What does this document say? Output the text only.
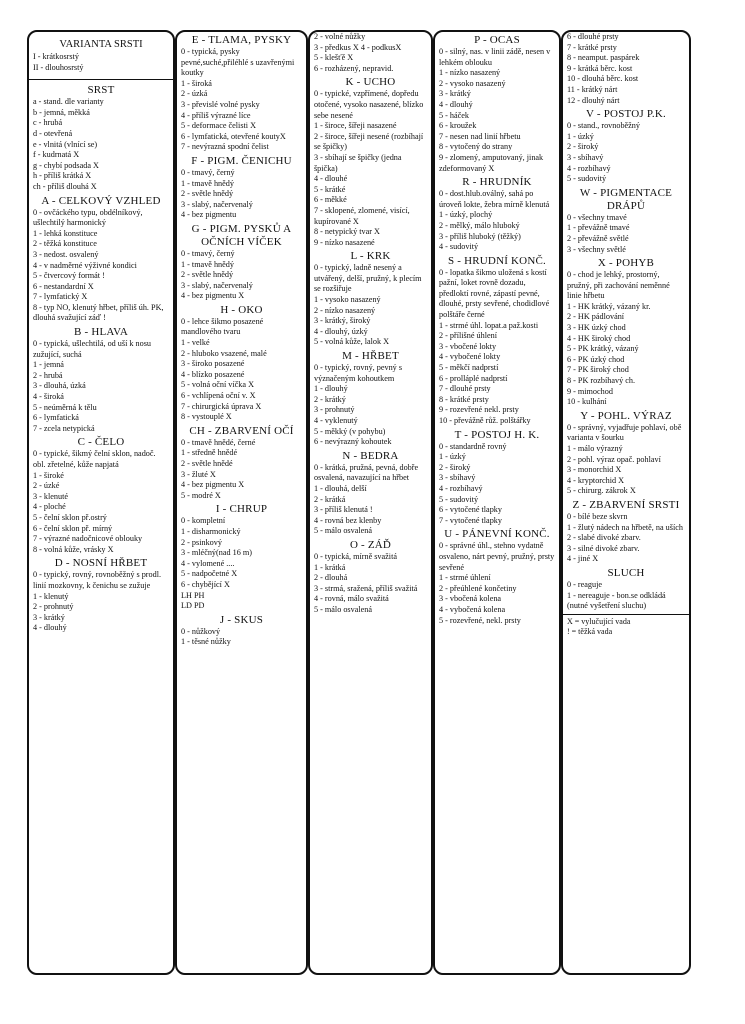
VARIANTA SRSTI
I - krátkosrstý
II - dlouhosrstý
SRST
a - stand. dle varianty
b - jemná, měkká
c - hrubá
d - otevřená
e - vlnitá (vlnící se)
f - kudrnatá X
g - chybí podsada X
h - příliš krátká X
ch - příliš dlouhá X
A - CELKOVÝ VZHLED
0 - ovčáckého typu, obdélníkový, ušlechtilý harmonický
1 - lehká konstituce
2 - těžká konstituce
3 - nedost. osvalený
4 - v nadměrné výživné kondici
5 - čtvercový formát !
6 - nestandardní X
7 - lymfatický X
8 - typ NO, klenutý hřbet, příliš úh. PK, dlouhá svažující záď !
B - HLAVA
0 - typická, ušlechtilá, od uší k nosu zužující, suchá
1 - jemná
2 - hrubá
3 - dlouhá, úzká
4 - široká
5 - neúměrná k tělu
6 - lymfatická
7 - zcela netypická
C - ČELO
0 - typické, šikmý čelní sklon, nadoč. obl. zřetelné, kůže napjatá
1 - široké
2 - úzké
3 - klenuté
4 - ploché
5 - čelní sklon př.ostrý
6 - čelní sklon př. mírný
7 - výrazné nadočnicové oblouky
8 - volná kůže, vrásky X
D - NOSNÍ HŘBET
0 - typický, rovný, rovnoběžný s prodl. linií mozkovny, k čenichu se zužuje
1 - klenutý
2 - prohnutý
3 - krátký
4 - dlouhý
E - TLAMA, PYSKY
0 - typická, pysky pevné,suché,přiléhlé s uzavřenými koutky
1 - široká
2 - úzká
3 - převislé volné pysky
4 - příliš výrazné líce
5 - deformace čelisti X
6 - lymfatická, otevřené koutyX
7 - nevýrazná spodní čelist
F - PIGM. ČENICHU
0 - tmavý, černý
1 - tmavě hnědý
2 - světle hnědý
3 - slabý, načervenalý
4 - bez pigmentu
G - PIGM. PYSKŮ A OČNÍCH VÍČEK
0 - tmavý, černý
1 - tmavě hnědý
2 - světle hnědý
3 - slabý, načervenalý
4 - bez pigmentu X
H - OKO
0 - lehce šikmo posazené mandlového tvaru
1 - velké
2 - hluboko vsazené, malé
3 - široko posazené
4 - blízko posazené
5 - volná oční víčka X
6 - vchlípená oční v. X
7 - chirurgická úprava X
8 - vystouplé X
CH - ZBARVENÍ OČÍ
0 - tmavě hnědé, černé
1 - středně hnědé
2 - světle hnědé
3 - žluté X
4 - bez pigmentu X
5 - modré X
I - CHRUP
0 - kompletní
1 - disharmonický
2 - psinkový
3 - mléčný(nad 16 m)
4 - vylomené ....
5 - nadpočetné X
6 - chybějící X
LH PH
LD PD
J - SKUS
0 - nůžkový
1 - těsné nůžky
2 - volné nůžky
3 - předkus X 4 - podkusX
5 - klešťě X
6 - rozházený, nepravid.
K - UCHO
0 - typické, vzpřímené, dopředu otočené, vysoko nasazené, blízko sebe nesené
1 - široce, šířeji nasazené
2 - široce, šířeji nesené (rozbíhají se špičky)
3 - sbíhají se špičky (jedna špička)
4 - dlouhé
5 - krátké
6 - měkké
7 - sklopené, zlomené, visící, kupírované X
8 - netypický tvar X
9 - nízko nasazené
L - KRK
0 - typický, ladně nesený a utvářený, delší, pružný, k plecím se rozšiřuje
1 - vysoko nasazený
2 - nízko nasazený
3 - krátký, široký
4 - dlouhý, úzký
5 - volná kůže, lalok X
M - HŘBET
0 - typický, rovný, pevný s význačeným kohoutkem
1 - dlouhý
2 - krátký
3 - prohnutý
4 - vyklenutý
5 - měkký (v pohybu)
6 - nevýrazný kohoutek
N - BEDRA
0 - krátká, pružná, pevná, dobře osvalená, navazující na hřbet
1 - dlouhá, delší
2 - krátká
3 - příliš klenutá !
4 - rovná bez klenby
5 - málo osvalená
O - ZÁĎ
0 - typická, mírně svažitá
1 - krátká
2 - dlouhá
3 - strmá, sražená, příliš svažitá
4 - rovná, málo svažitá
5 - málo osvalená
P - OCAS
0 - silný, nas. v linii zádě, nesen v lehkém oblouku
1 - nízko nasazený
2 - vysoko nasazený
3 - krátký
4 - dlouhý
5 - háček
6 - kroužek
7 - nesen nad linií hřbetu
8 - vytočený do strany
9 - zlomený, amputovaný, jinak zdeformovaný X
R - HRUDNÍK
0 - dost.hlub.oválný, sahá po úroveň lokte, žebra mírně klenutá
1 - úzký, plochý
2 - mělký, málo hluboký
3 - příliš hluboký (těžký)
4 - sudovitý
S - HRUDNÍ KONČ.
0 - lopatka šikmo uložená s kostí pažní, loket rovně dozadu, předloktí rovné, zápastí pevné, dlouhé, prsty sevřené, chodidlové polštáře černé
1 - strmé úhl. lopat.a paž.kosti
2 - přílišné úhlení
3 - vbočené lokty
4 - vybočené lokty
5 - měkčí nadprstí
6 - prolláplé nadprstí
7 - dlouhé prsty
8 - krátké prsty
9 - rozevřené nekl. prsty
10 - převážně růž. polštářky
T - POSTOJ H. K.
0 - standardně rovný
1 - úzký
2 - široký
3 - sbíhavý
4 - rozbíhavý
5 - sudovitý
6 - vytočené tlapky
7 - vytočené tlapky
U - PÁNEVNÍ KONČ.
0 - správné úhl., stehno vydatně osvaleno, nárt pevný, pružný, prsty sevřené
1 - strmé úhlení
2 - přeúhlené končetiny
3 - vbočená kolena
4 - vybočená kolena
5 - rozevřené, nekl. prsty
6 - dlouhé prsty
7 - krátké prsty
8 - neamput. paspárek
9 - krátká běrc. kost
10 - dlouhá běrc. kost
11 - krátký nárt
12 - dlouhý nárt
V - POSTOJ P.K.
0 - stand., rovnoběžný
1 - úzký
2 - široký
3 - sbíhavý
4 - rozbíhavý
5 - sudovitý
W - PIGMENTACE DRÁPŮ
0 - všechny tmavé
1 - převážně tmavé
2 - převážně světlé
3 - všechny světlé
X - POHYB
0 - chod je lehký, prostorný, pružný, při zachování neměnné linie hřbetu
1 - HK krátký, vázaný kr.
2 - HK pádlování
3 - HK úzký chod
4 - HK široký chod
5 - PK krátký, vázaný
6 - PK úzký chod
7 - PK široký chod
8 - PK rozbíhavý ch.
9 - mimochod
10 - kulhání
Y - POHL. VÝRAZ
0 - správný, vyjadřuje pohlaví, obě varianta v šourku
1 - málo výrazný
2 - pohl. výraz opač. pohlaví
3 - monorchid X
4 - kryptorchid X
5 - chirurg. zákrok X
Z - ZBARVENÍ SRSTI
0 - bílé beze skvrn
1 - žlutý nádech na hřbetě, na uších
2 - slabé divoké zbarv.
3 - silné divoké zbarv.
4 - jiné X
SLUCH
0 - reaguje
1 - nereaguje - bon.se odkládá (nutné vyšetření sluchu)
X = vylučující vada
! = těžká vada
